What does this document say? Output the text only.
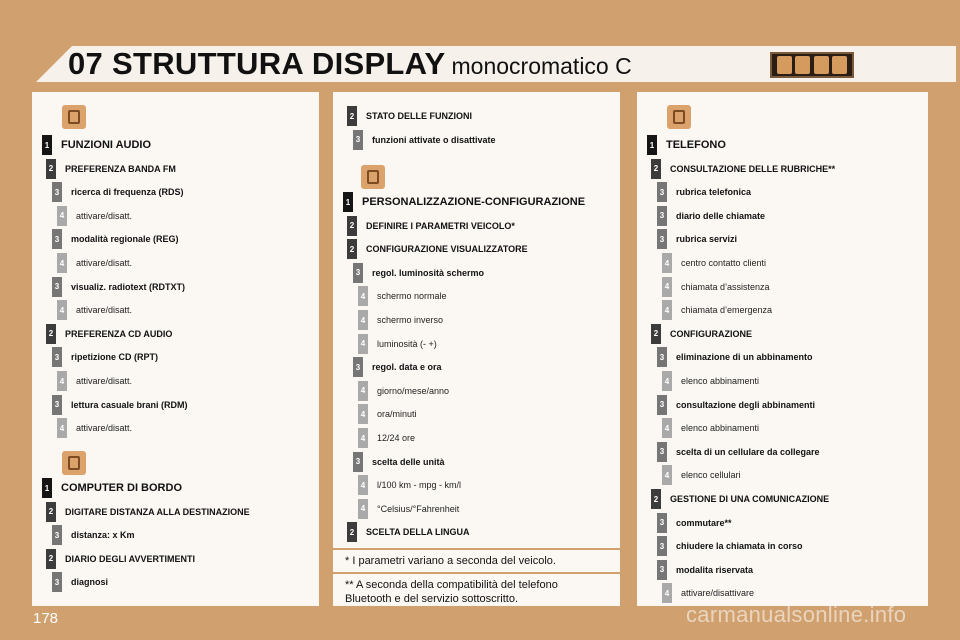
07 STRUTTURA DISPLAY monocromatico C
1 FUNZIONI AUDIO
2	PREFERENZA BANDA FM
3	ricerca di frequenza (RDS)
4	attivare/disatt.
3	modalità regionale (REG)
4	attivare/disatt.
3	visualiz. radiotext (RDTXT)
4	attivare/disatt.
2	PREFERENZA CD AUDIO
3	ripetizione CD (RPT)
4	attivare/disatt.
3	lettura casuale brani (RDM)
4	attivare/disatt.
1 COMPUTER DI BORDO
2	DIGITARE DISTANZA ALLA DESTINAZIONE
3	distanza: x Km
2	DIARIO DEGLI AVVERTIMENTI
3	diagnosi
* I parametri variano a seconda del veicolo.
** A seconda della compatibilità del telefono
Bluetooth e del servizio sottoscritto.
2	STATO DELLE FUNZIONI
3	funzioni attivate o disattivate
1 PERSONALIZZAZIONE-CONFIGURAZIONE
2	DEFINIRE I PARAMETRI VEICOLO*
2	CONFIGURAZIONE VISUALIZZATORE
3	regol. luminosità schermo
4	schermo normale
4	schermo inverso
4	luminosità (- +)
3	regol. data e ora
4	giorno/mese/anno
4	ora/minuti
4	12/24 ore
3	scelta delle unità
4	l/100 km - mpg - km/l
4	°Celsius/°Fahrenheit
2	SCELTA DELLA LINGUA
1 TELEFONO
2	CONSULTAZIONE DELLE RUBRICHE**
3	rubrica telefonica
3	diario delle chiamate
3	rubrica servizi
4	centro contatto clienti
4	chiamata d’assistenza
4	chiamata d’emergenza
2	CONFIGURAZIONE
3	eliminazione di un abbinamento
4	elenco abbinamenti
3	consultazione degli abbinamenti
4	elenco abbinamenti
3	scelta di un cellulare da collegare
4	elenco cellulari
2	GESTIONE DI UNA COMUNICAZIONE
3	commutare**
3	chiudere la chiamata in corso
3	modalita riservata
4	attivare/disattivare
178	carmanualsonline.info
